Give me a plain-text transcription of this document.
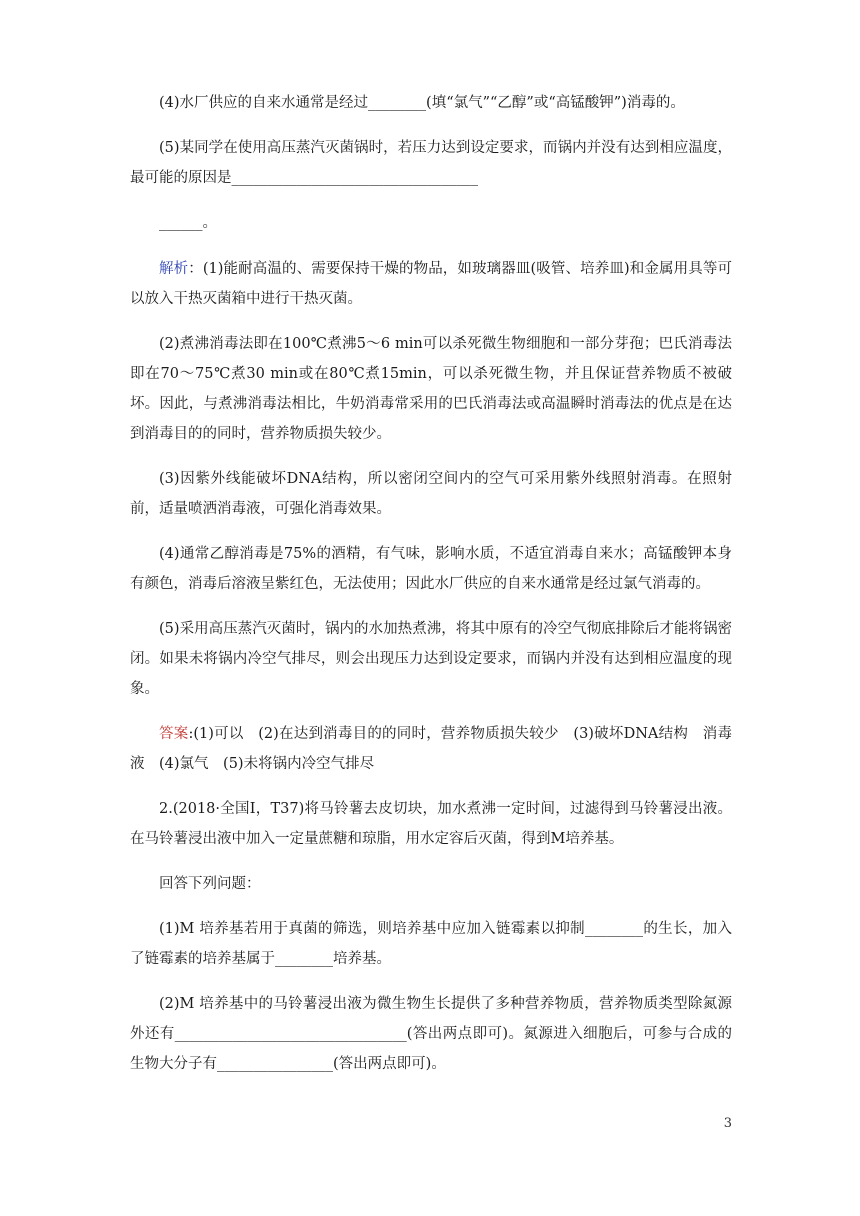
(4)水厂供应的自来水通常是经过________(填“氯气”“乙醇”或“高锰酸钾”)消毒的。

(5)某同学在使用高压蒸汽灭菌锅时，若压力达到设定要求，而锅内并没有达到相应温度，最可能的原因是__________________________________

______。

解析：(1)能耐高温的、需要保持干燥的物品，如玻璃器皿(吸管、培养皿)和金属用具等可以放入干热灭菌箱中进行干热灭菌。

(2)煮沸消毒法即在100℃煮沸5～6 min可以杀死微生物细胞和一部分芽孢；巴氏消毒法即在70～75℃煮30 min或在80℃煮15min，可以杀死微生物，并且保证营养物质不被破坏。因此，与煮沸消毒法相比，牛奶消毒常采用的巴氏消毒法或高温瞬时消毒法的优点是在达到消毒目的的同时，营养物质损失较少。

(3)因紫外线能破坏DNA结构，所以密闭空间内的空气可采用紫外线照射消毒。在照射前，适量喷洒消毒液，可强化消毒效果。

(4)通常乙醇消毒是75%的酒精，有气味，影响水质，不适宜消毒自来水；高锰酸钾本身有颜色，消毒后溶液呈紫红色，无法使用；因此水厂供应的自来水通常是经过氯气消毒的。

(5)采用高压蒸汽灭菌时，锅内的水加热煮沸，将其中原有的冷空气彻底排除后才能将锅密闭。如果未将锅内冷空气排尽，则会出现压力达到设定要求，而锅内并没有达到相应温度的现象。

答案:(1)可以　(2)在达到消毒目的的同时，营养物质损失较少　(3)破坏DNA结构　消毒液　(4)氯气　(5)未将锅内冷空气排尽

2.(2018·全国Ⅰ，T37)将马铃薯去皮切块，加水煮沸一定时间，过滤得到马铃薯浸出液。在马铃薯浸出液中加入一定量蔗糖和琼脂，用水定容后灭菌，得到M培养基。

回答下列问题：

(1)M 培养基若用于真菌的筛选，则培养基中应加入链霉素以抑制________的生长，加入了链霉素的培养基属于________培养基。

(2)M 培养基中的马铃薯浸出液为微生物生长提供了多种营养物质，营养物质类型除氮源外还有________________________________(答出两点即可)。氮源进入细胞后，可参与合成的生物大分子有________________(答出两点即可)。

3
